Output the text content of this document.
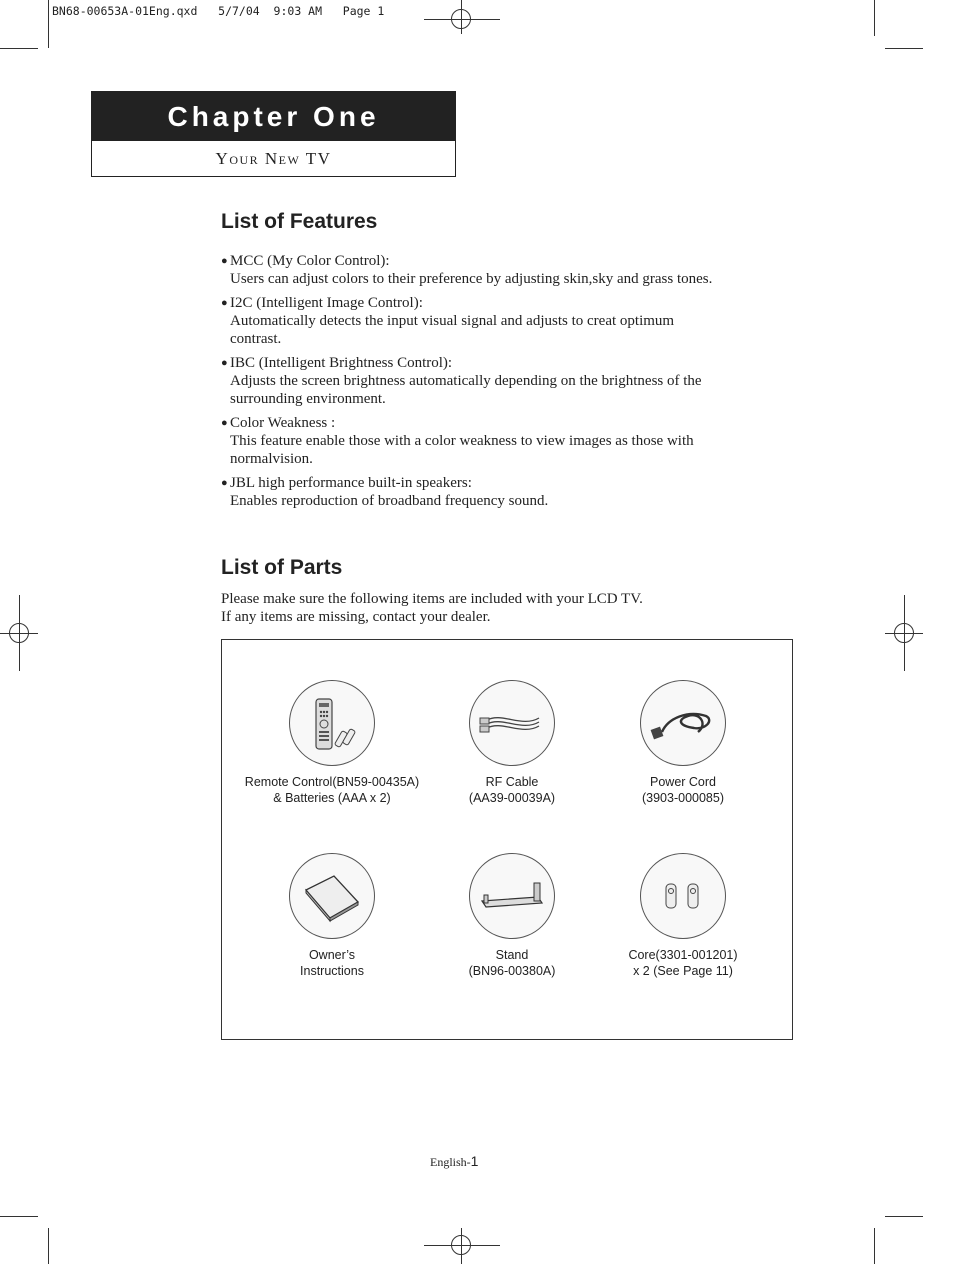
BN68-00653A-01Eng.qxd   5/7/04  9:03 AM   Page 1
Chapter One
Your New TV
List of Features
● MCC (My Color Control):
Users can adjust colors to their preference by adjusting skin,sky and grass tones.
● I2C (Intelligent Image Control):
Automatically detects the input visual signal and adjusts to creat optimum contrast.
● IBC (Intelligent Brightness Control):
Adjusts the screen brightness automatically depending on the brightness of the surrounding environment.
● Color Weakness :
This feature enable those with a color weakness to view images as those with normalvision.
● JBL high performance built-in speakers:
Enables reproduction of broadband frequency sound.
List of Parts
Please make sure the following items are included with your LCD TV.
If any items are missing, contact your dealer.
Remote Control(BN59-00435A)
& Batteries (AAA x 2)
RF Cable
(AA39-00039A)
Power Cord
(3903-000085)
Owner’s
Instructions
Stand
(BN96-00380A)
Core(3301-001201)
x 2 (See Page 11)
English-1
